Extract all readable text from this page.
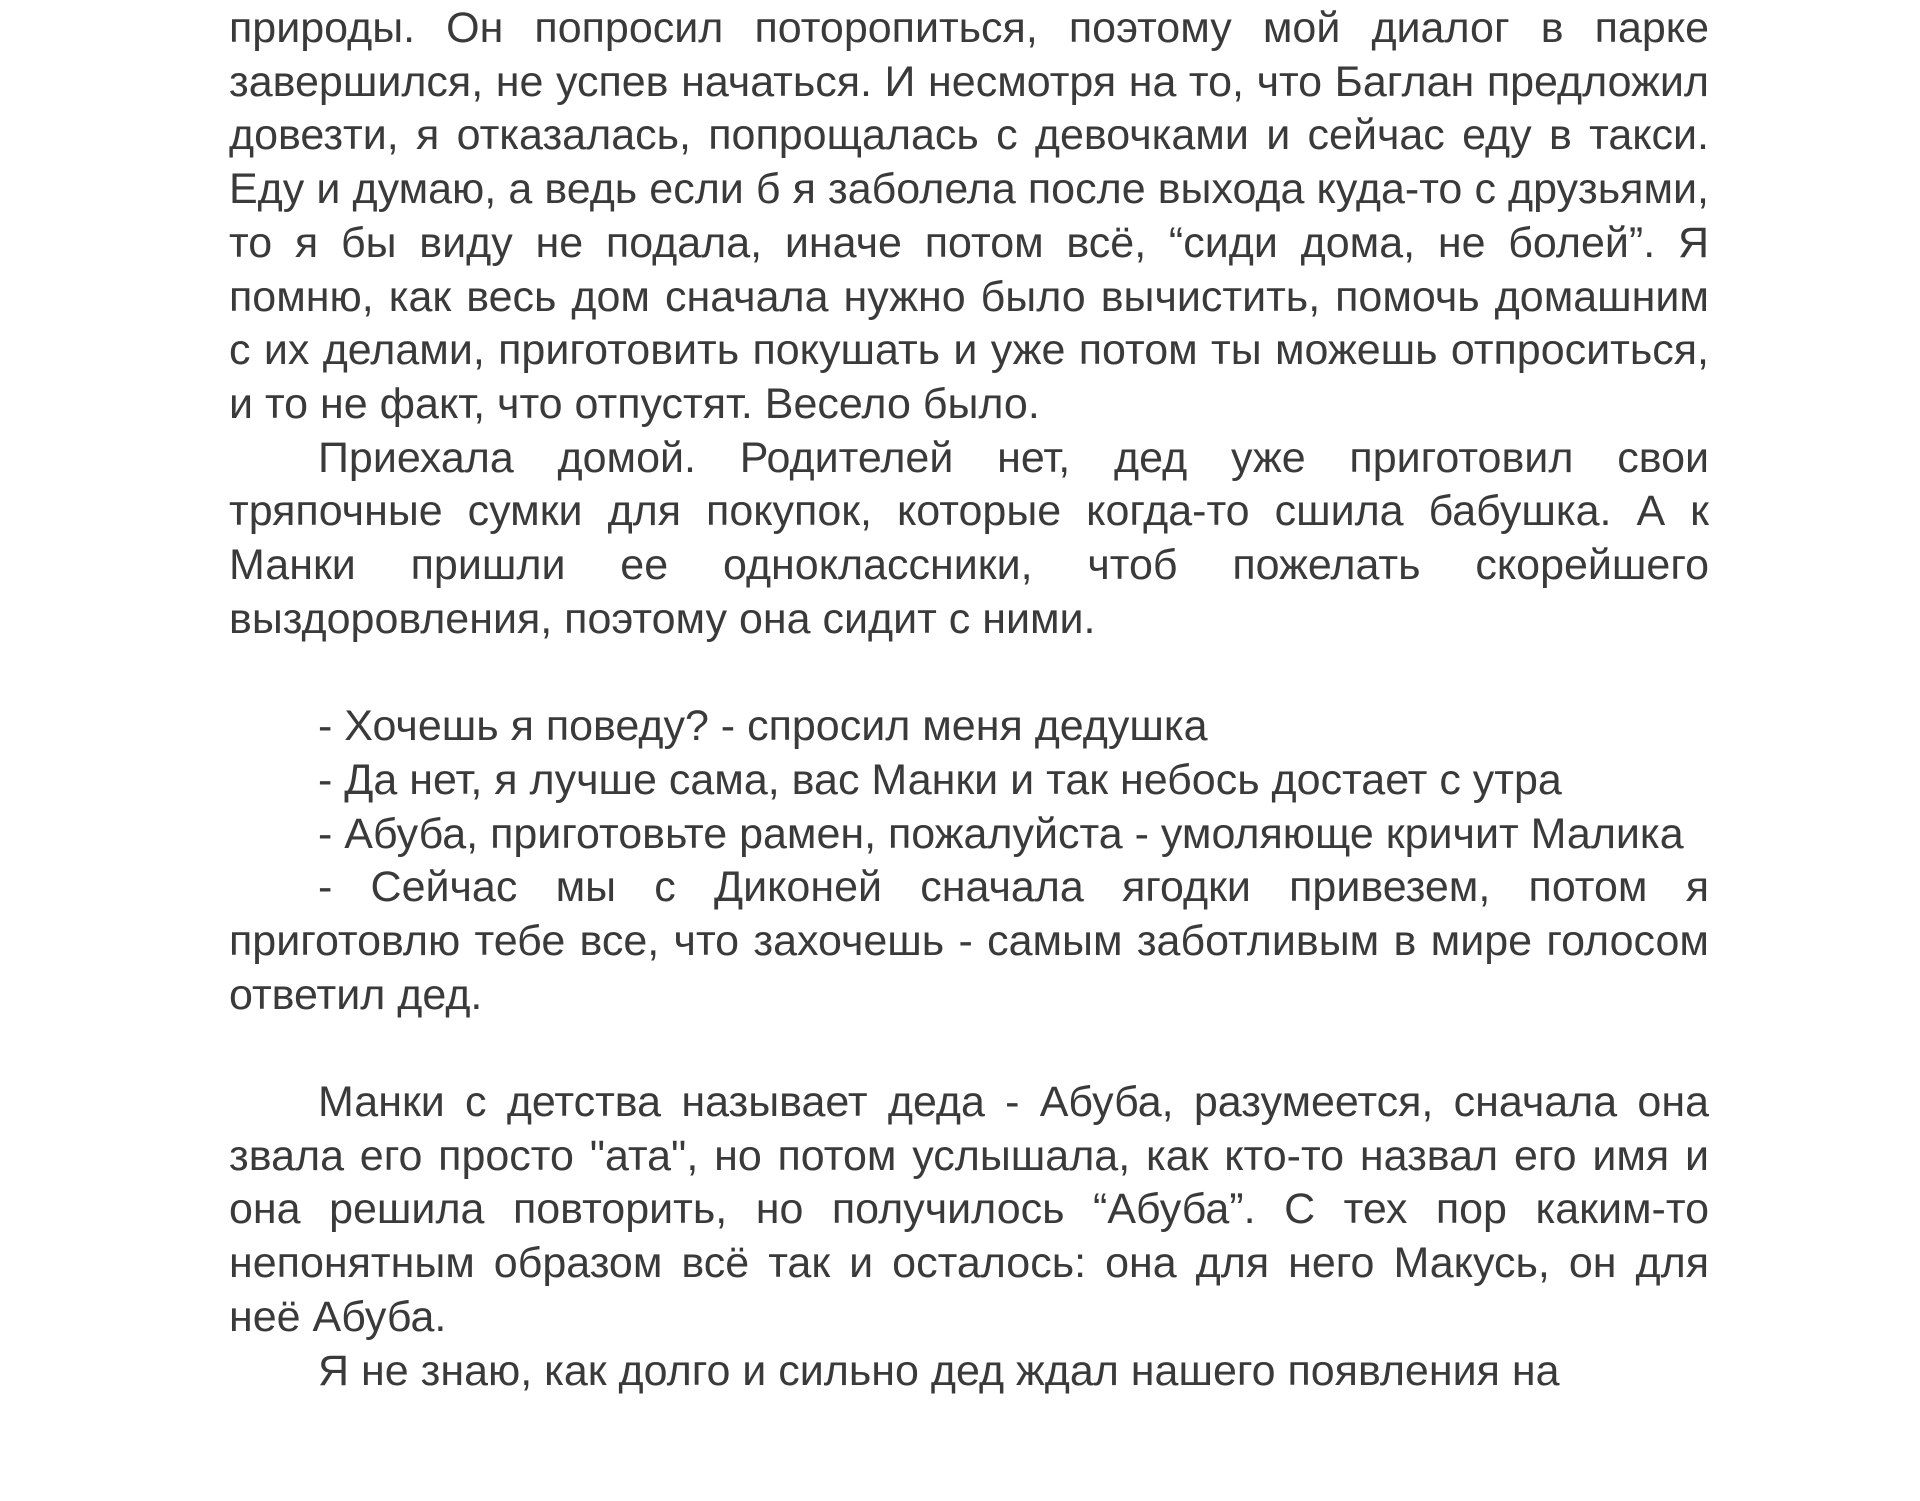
природы. Он попросил поторопиться, поэтому мой диалог в парке завершился, не успев начаться. И несмотря на то, что Баглан предложил довезти, я отказалась, попрощалась с девочками и сейчас еду в такси. Еду и думаю, а ведь если б я заболела после выхода куда-то с друзьями, то я бы виду не подала, иначе потом всё, “сиди дома, не болей”. Я помню, как весь дом сначала нужно было вычистить, помочь домашним с их делами, приготовить покушать и уже потом ты можешь отпроситься, и то не факт, что отпустят. Весело было.

Приехала домой. Родителей нет, дед уже приготовил свои тряпочные сумки для покупок, которые когда-то сшила бабушка. А к Манки пришли ее одноклассники, чтоб пожелать скорейшего выздоровления, поэтому она сидит с ними.

- Хочешь я поведу? - спросил меня дедушка

- Да нет, я лучше сама, вас Манки и так небось достает с утра

- Абуба, приготовьте рамен, пожалуйста - умоляюще кричит Малика

- Сейчас мы с Диконей сначала ягодки привезем, потом я приготовлю тебе все, что захочешь - самым заботливым в мире голосом ответил дед.

Манки с детства называет деда - Абуба, разумеется, сначала она звала его просто "ата", но потом услышала, как кто-то назвал его имя и она решила повторить, но получилось “Абуба”. С тех пор каким-то непонятным образом всё так и осталось: она для него Макусь, он для неё Абуба.

Я не знаю, как долго и сильно дед ждал нашего появления на
